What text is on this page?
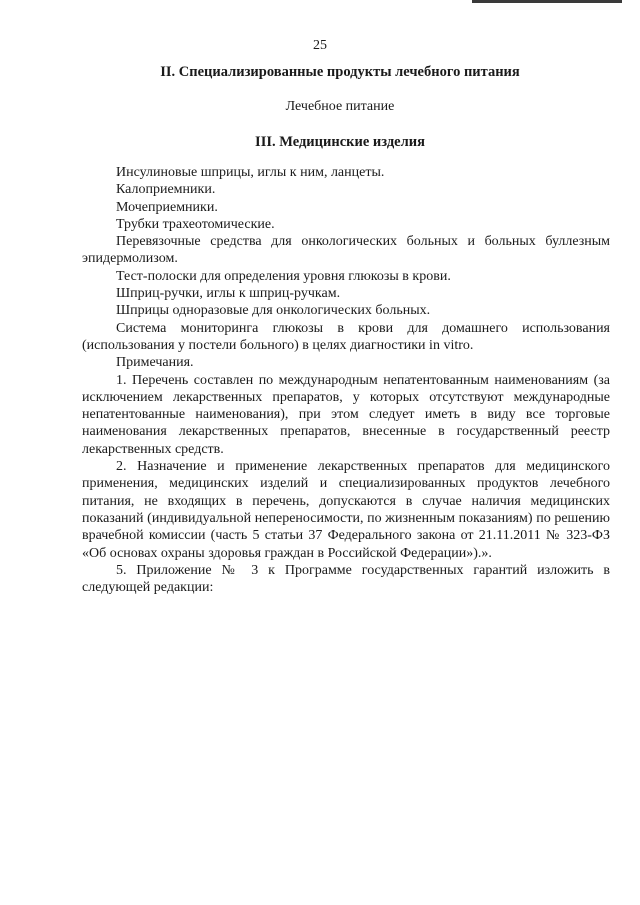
25
II. Специализированные продукты лечебного питания
Лечебное питание
III. Медицинские изделия

Инсулиновые шприцы, иглы к ним, ланцеты.

Калоприемники.

Мочеприемники.

Трубки трахеотомические.

Перевязочные средства для онкологических больных и больных буллезным эпидермолизом.

Тест-полоски для определения уровня глюкозы в крови.

Шприц-ручки, иглы к шприц-ручкам.

Шприцы одноразовые для онкологических больных.

Система мониторинга глюкозы в крови для домашнего использования (использования у постели больного) в целях диагностики in vitro.

Примечания.

1. Перечень составлен по международным непатентованным наименованиям (за исключением лекарственных препаратов, у которых отсутствуют международные непатентованные наименования), при этом следует иметь в виду все торговые наименования лекарственных препаратов, внесенные в государственный реестр лекарственных средств.

2. Назначение и применение лекарственных препаратов для медицинского применения, медицинских изделий и специализированных продуктов лечебного питания, не входящих в перечень, допускаются в случае наличия медицинских показаний (индивидуальной непереносимости, по жизненным показаниям) по решению врачебной комиссии (часть 5 статьи 37 Федерального закона от 21.11.2011 № 323-ФЗ «Об основах охраны здоровья граждан в Российской Федерации»).».

5. Приложение № 3 к Программе государственных гарантий изложить в следующей редакции:
